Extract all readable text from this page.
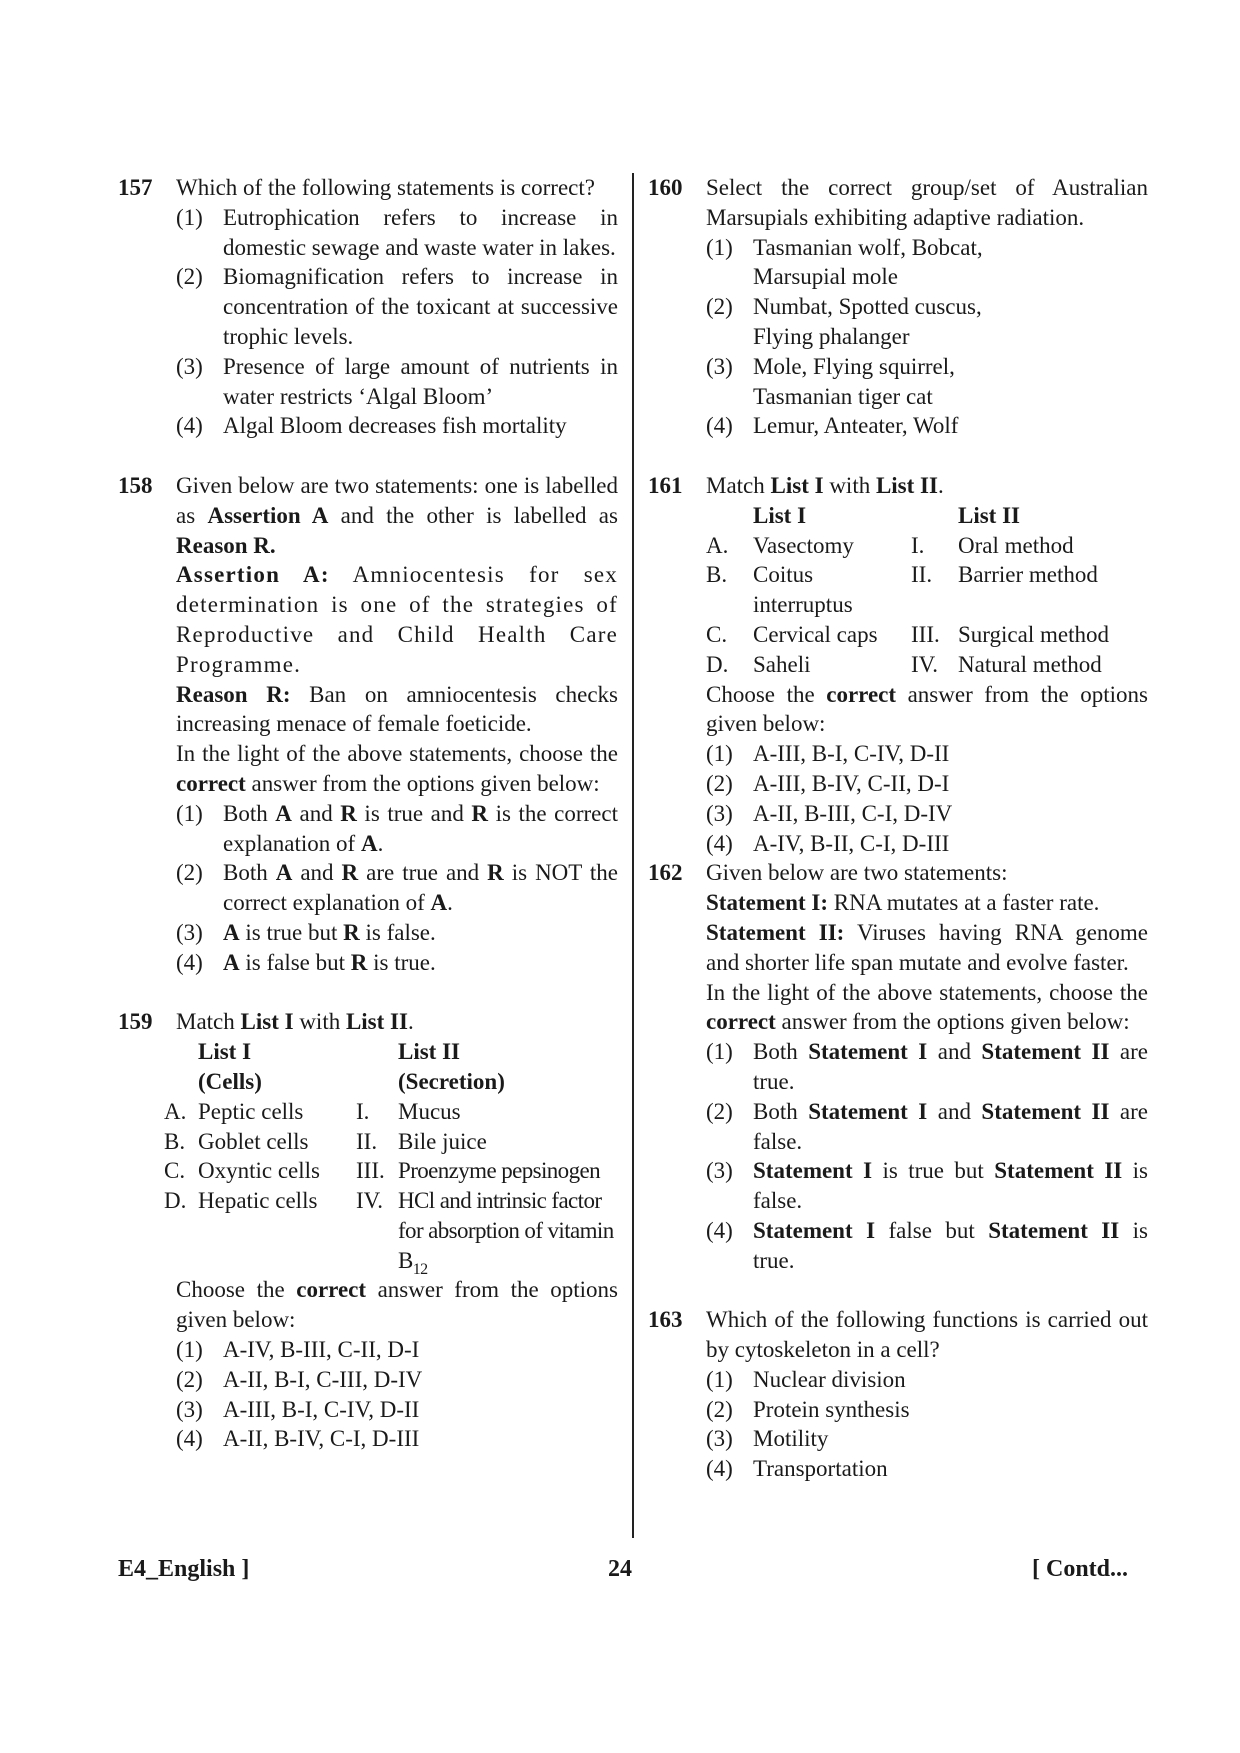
157 Which of the following statements is correct?
(1) Eutrophication refers to increase in domestic sewage and waste water in lakes.
(2) Biomagnification refers to increase in concentration of the toxicant at successive trophic levels.
(3) Presence of large amount of nutrients in water restricts ‘Algal Bloom’
(4) Algal Bloom decreases fish mortality
158 Given below are two statements: one is labelled as Assertion A and the other is labelled as Reason R.
Assertion A: Amniocentesis for sex determination is one of the strategies of Reproductive and Child Health Care Programme.
Reason R: Ban on amniocentesis checks increasing menace of female foeticide.
In the light of the above statements, choose the correct answer from the options given below:
(1) Both A and R is true and R is the correct explanation of A.
(2) Both A and R are true and R is NOT the correct explanation of A.
(3) A is true but R is false.
(4) A is false but R is true.
159 Match List I with List II.
	List I		List II
	(Cells)		(Secretion)
A.	Peptic cells	I.	Mucus
B.	Goblet cells	II.	Bile juice
C.	Oxyntic cells	III.	Proenzyme pepsinogen
D.	Hepatic cells	IV.	HCl and intrinsic factor for absorption of vitamin $B_{12}$
Choose the correct answer from the options given below:
(1) A-IV, B-III, C-II, D-I
(2) A-II, B-I, C-III, D-IV
(3) A-III, B-I, C-IV, D-II
(4) A-II, B-IV, C-I, D-III
160 Select the correct group/set of Australian Marsupials exhibiting adaptive radiation.
(1) Tasmanian wolf, Bobcat,
Marsupial mole
(2) Numbat, Spotted cuscus,
Flying phalanger
(3) Mole, Flying squirrel,
Tasmanian tiger cat
(4) Lemur, Anteater, Wolf
161 Match List I with List II.
	List I		List II
A.	Vasectomy	I.	Oral method
B.	Coitus interruptus	II.	Barrier method
C.	Cervical caps	III.	Surgical method
D.	Saheli	IV.	Natural method
Choose the correct answer from the options given below:
(1) A-III, B-I, C-IV, D-II
(2) A-III, B-IV, C-II, D-I
(3) A-II, B-III, C-I, D-IV
(4) A-IV, B-II, C-I, D-III
162 Given below are two statements:
Statement I: RNA mutates at a faster rate.
Statement II: Viruses having RNA genome and shorter life span mutate and evolve faster.
In the light of the above statements, choose the correct answer from the options given below:
(1) Both Statement I and Statement II are true.
(2) Both Statement I and Statement II are false.
(3) Statement I is true but Statement II is false.
(4) Statement I false but Statement II is true.
163 Which of the following functions is carried out by cytoskeleton in a cell?
(1) Nuclear division
(2) Protein synthesis
(3) Motility
(4) Transportation
E4_English ]	24	[ Contd...
